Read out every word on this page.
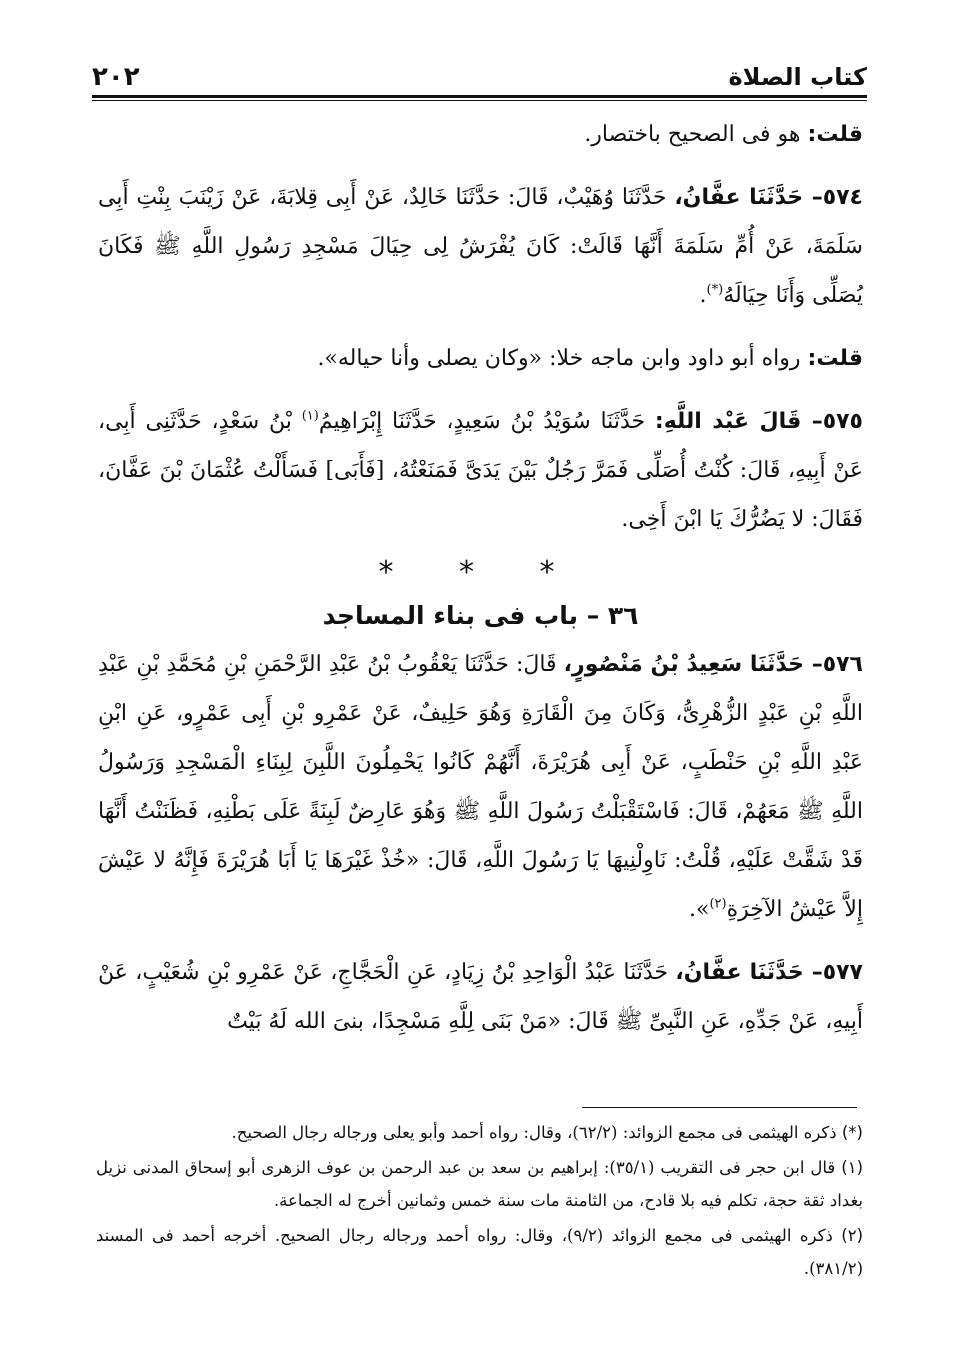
كتاب الصلاة
٢٠٢

قلت: هو فى الصحيح باختصار.

٥٧٤– حَدَّثَنَا عفَّانُ، حَدَّثَنَا وُهَيْبٌ، قَالَ: حَدَّثَنَا خَالِدٌ، عَنْ أَبِى قِلابَةَ، عَنْ زَيْنَبَ بِنْتِ أَبِى سَلَمَةَ، عَنْ أُمِّ سَلَمَةَ أَنَّهَا قَالَتْ: كَانَ يُفْرَشُ لِى حِيَالَ مَسْجِدِ رَسُولِ اللَّهِ ﷺ فَكَانَ يُصَلِّى وَأَنَا حِيَالَهُ(*).

قلت: رواه أبو داود وابن ماجه خلا: «وكان يصلى وأنا حياله».

٥٧٥– قَالَ عَبْد اللَّهِ: حَدَّثَنَا سُوَيْدُ بْنُ سَعِيدٍ، حَدَّثَنَا إِبْرَاهِيمُ$^{(١)}$ بْنُ سَعْدٍ، حَدَّثَنِى أَبِى، عَنْ أَبِيهِ، قَالَ: كُنْتُ أُصَلِّى فَمَرَّ رَجُلٌ بَيْنَ يَدَىَّ فَمَنَعْتُهُ، [فَأَبَى] فَسَأَلْتُ عُثْمَانَ بْنَ عَفَّانَ، فَقَالَ: لا يَضُرُّكَ يَا ابْنَ أَخِى.

* * *
٣٦ – باب فى بناء المساجد

٥٧٦– حَدَّثَنَا سَعِيدُ بْنُ مَنْصُورٍ، قَالَ: حَدَّثَنَا يَعْقُوبُ بْنُ عَبْدِ الرَّحْمَنِ بْنِ مُحَمَّدِ بْنِ عَبْدِ اللَّهِ بْنِ عَبْدٍ الزُّهْرِىُّ، وَكَانَ مِنَ الْقَارَةِ وَهُوَ حَلِيفٌ، عَنْ عَمْرِو بْنِ أَبِى عَمْرٍو، عَنِ ابْنِ عَبْدِ اللَّهِ بْنِ حَنْطَبٍ، عَنْ أَبِى هُرَيْرَةَ، أَنَّهُمْ كَانُوا يَحْمِلُونَ اللَّبِنَ لِبِنَاءِ الْمَسْجِدِ وَرَسُولُ اللَّهِ ﷺ مَعَهُمْ، قَالَ: فَاسْتَقْبَلْتُ رَسُولَ اللَّهِ ﷺ وَهُوَ عَارِضٌ لَبِنَةً عَلَى بَطْنِهِ، فَظَنَنْتُ أَنَّهَا قَدْ شَقَّتْ عَلَيْهِ، قُلْتُ: نَاوِلْنِيهَا يَا رَسُولَ اللَّهِ، قَالَ: «خُذْ غَيْرَهَا يَا أَبَا هُرَيْرَةَ فَإِنَّهُ لا عَيْشَ إِلاَّ عَيْشُ الآخِرَةِ$^{(٢)}$».

٥٧٧– حَدَّثَنَا عفَّانُ، حَدَّثَنَا عَبْدُ الْوَاحِدِ بْنُ زِيَادٍ، عَنِ الْحَجَّاجِ، عَنْ عَمْرِو بْنِ شُعَيْبٍ، عَنْ أَبِيهِ، عَنْ جَدِّهِ، عَنِ النَّبِىِّ ﷺ قَالَ: «مَنْ بَنَى لِلَّهِ مَسْجِدًا، بنىَ الله لَهُ بَيْتٌ

(*) ذكره الهيثمى فى مجمع الزوائد: (٦٢/٢)، وقال: رواه أحمد وأبو يعلى ورجاله رجال الصحيح.

(١) قال ابن حجر فى التقريب (٣٥/١): إبراهيم بن سعد بن عبد الرحمن بن عوف الزهرى أبو إسحاق المدنى نزيل بغداد ثقة حجة، تكلم فيه بلا قادح، من الثامنة مات سنة خمس وثمانين أخرج له الجماعة.

(٢) ذكره الهيثمى فى مجمع الزوائد (٩/٢)، وقال: رواه أحمد ورجاله رجال الصحيح. أخرجه أحمد فى المسند (٣٨١/٢).
